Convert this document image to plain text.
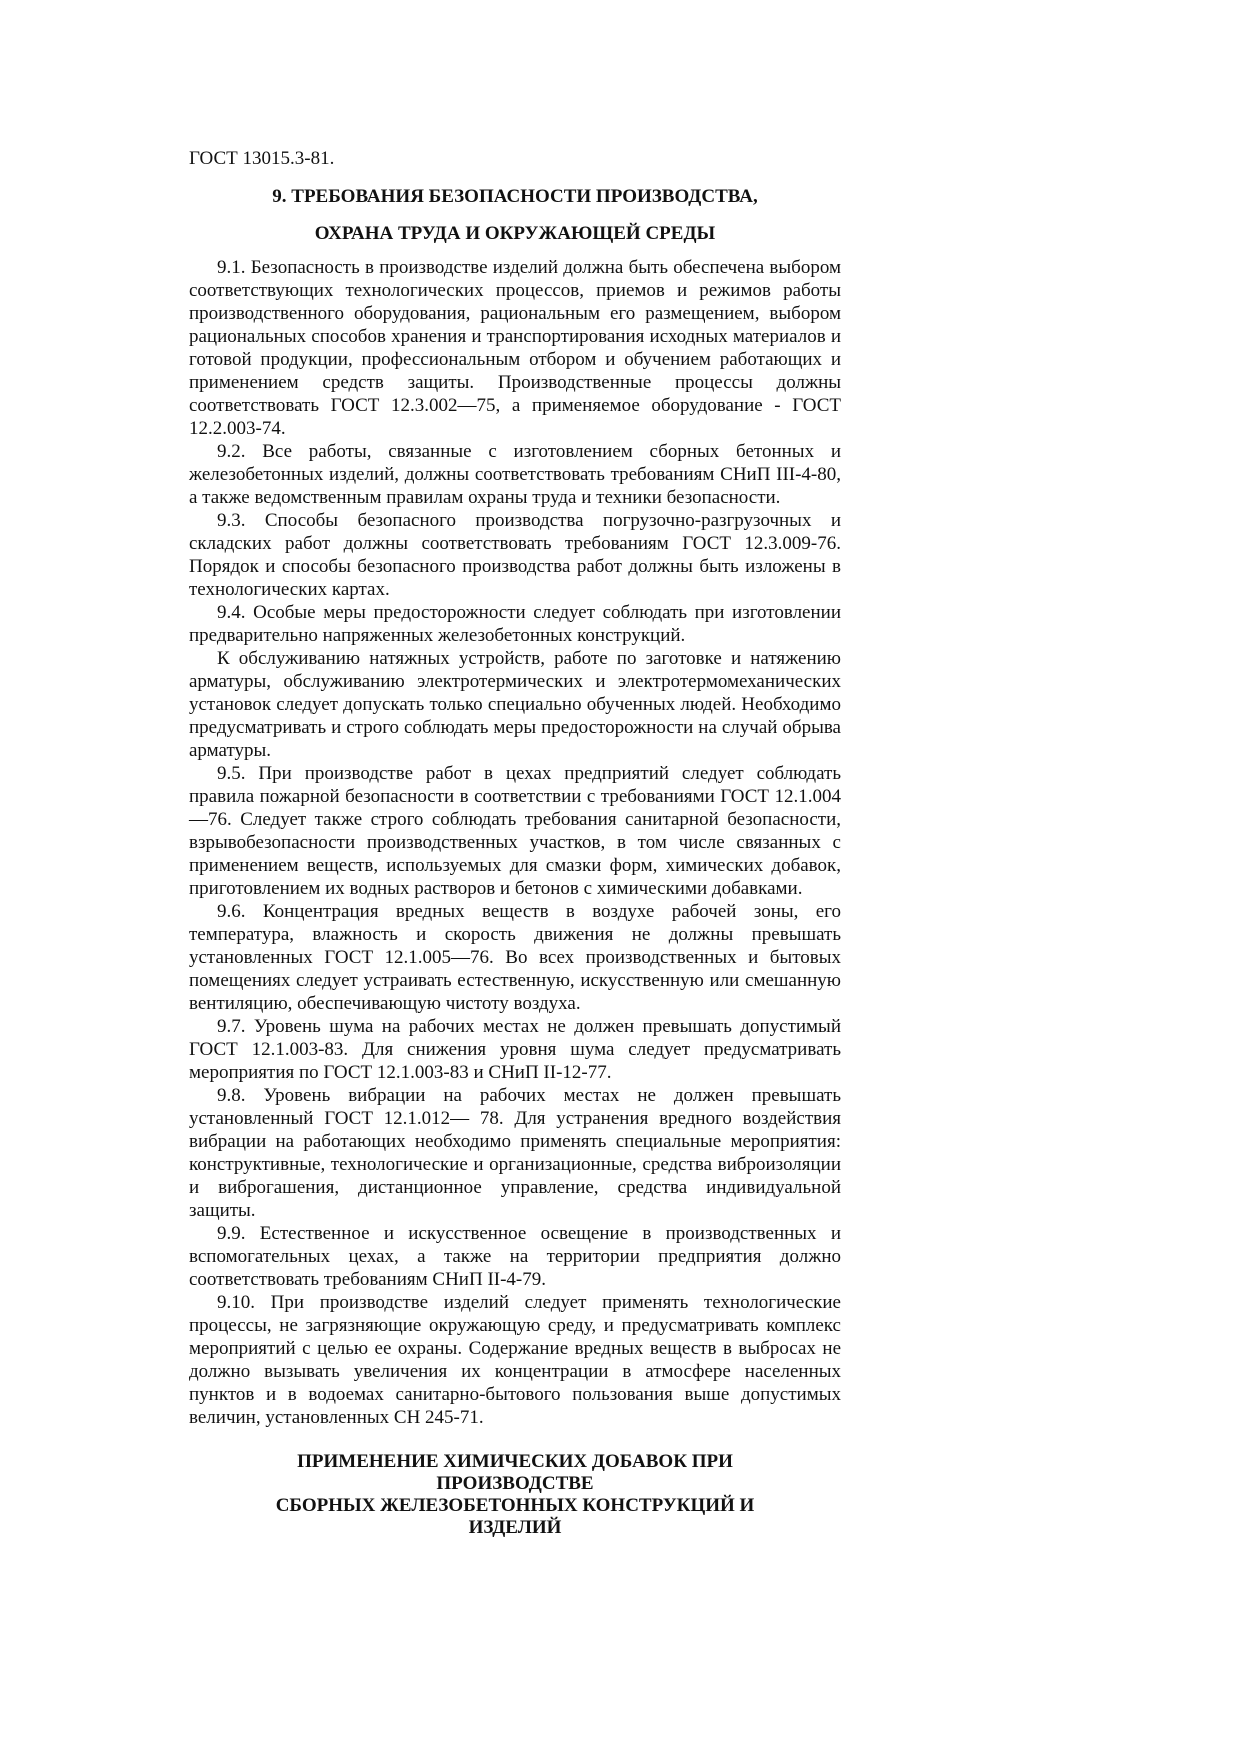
ГОСТ 13015.3-81.

9. ТРЕБОВАНИЯ БЕЗОПАСНОСТИ ПРОИЗВОДСТВА,

ОХРАНА ТРУДА И ОКРУЖАЮЩЕЙ СРЕДЫ

9.1. Безопасность в производстве изделий должна быть обеспечена выбором соответствующих технологических процессов, приемов и режимов работы производственного оборудования, рациональным его размещением, выбором рациональных способов хранения и транспортирования исходных материалов и готовой продукции, профессиональным отбором и обучением работающих и применением средств защиты. Производственные процессы должны соответствовать ГОСТ 12.3.002—75, а применяемое оборудование - ГОСТ 12.2.003-74.

9.2. Все работы, связанные с изготовлением сборных бетонных и железобетонных изделий, должны соответствовать требованиям СНиП III-4-80, а также ведомственным правилам охраны труда и техники безопасности.

9.3. Способы безопасного производства погрузочно-разгрузочных и складских работ должны соответствовать требованиям ГОСТ 12.3.009-76. Порядок и способы безопасного производства работ должны быть изложены в технологических картах.

9.4. Особые меры предосторожности следует соблюдать при изготовлении предварительно напряженных железобетонных конструкций.

К обслуживанию натяжных устройств, работе по заготовке и натяжению арматуры, обслуживанию электротермических и электротермомеханических установок следует допускать только специально обученных людей. Необходимо предусматривать и строго соблюдать меры предосторожности на случай обрыва арматуры.

9.5. При производстве работ в цехах предприятий следует соблюдать правила пожарной безопасности в соответствии с требованиями ГОСТ 12.1.004—76. Следует также строго соблюдать требования санитарной безопасности, взрывобезопасности производственных участков, в том числе связанных с применением веществ, используемых для смазки форм, химических добавок, приготовлением их водных растворов и бетонов с химическими добавками.

9.6. Концентрация вредных веществ в воздухе рабочей зоны, его температура, влажность и скорость движения не должны превышать установленных ГОСТ 12.1.005—76. Во всех производственных и бытовых помещениях следует устраивать естественную, искусственную или смешанную вентиляцию, обеспечивающую чистоту воздуха.

9.7. Уровень шума на рабочих местах не должен превышать допустимый ГОСТ 12.1.003-83. Для снижения уровня шума следует предусматривать мероприятия по ГОСТ 12.1.003-83 и СНиП II-12-77.

9.8. Уровень вибрации на рабочих местах не должен превышать установленный ГОСТ 12.1.012— 78. Для устранения вредного воздействия вибрации на работающих необходимо применять специальные мероприятия: конструктивные, технологические и организационные, средства виброизоляции и виброгашения, дистанционное управление, средства индивидуальной защиты.

9.9. Естественное и искусственное освещение в производственных и вспомогательных цехах, а также на территории предприятия должно соответствовать требованиям СНиП II-4-79.

9.10. При производстве изделий следует применять технологические процессы, не загрязняющие окружающую среду, и предусматривать комплекс мероприятий с целью ее охраны. Содержание вредных веществ в выбросах не должно вызывать увеличения их концентрации в атмосфере населенных пунктов и в водоемах санитарно-бытового пользования выше допустимых величин, установленных СН 245-71.

ПРИМЕНЕНИЕ ХИМИЧЕСКИХ ДОБАВОК ПРИ ПРОИЗВОДСТВЕ
СБОРНЫХ ЖЕЛЕЗОБЕТОННЫХ КОНСТРУКЦИЙ И ИЗДЕЛИЙ
